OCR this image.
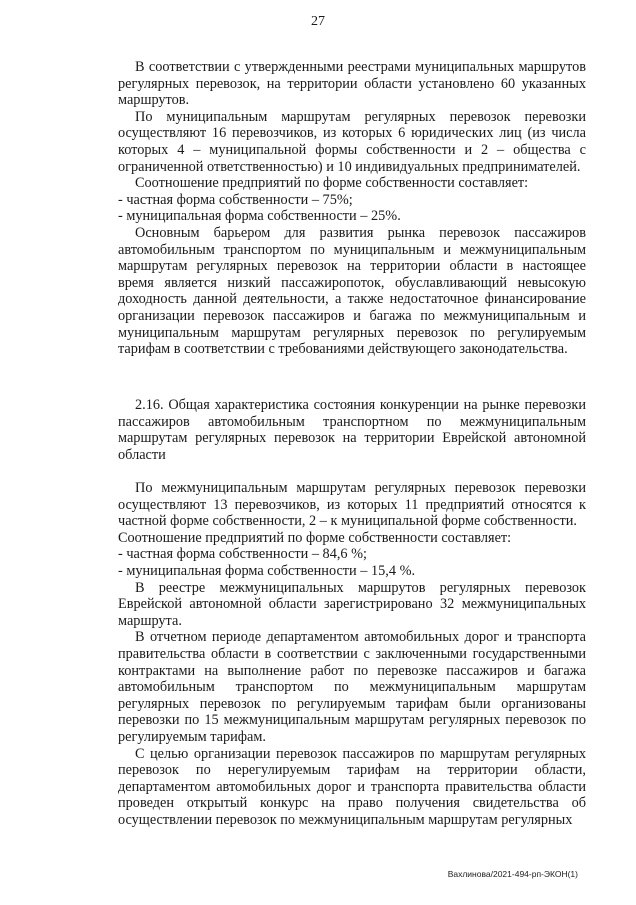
27

В соответствии с утвержденными реестрами муниципальных маршрутов регулярных перевозок, на территории области установлено 60 указанных маршрутов.

По муниципальным маршрутам регулярных перевозок перевозки осуществляют 16 перевозчиков, из которых 6 юридических лиц (из числа которых 4 – муниципальной формы собственности и 2 – общества с ограниченной ответственностью) и 10 индивидуальных предпринимателей.

Соотношение предприятий по форме собственности составляет:

- частная форма собственности – 75%;

- муниципальная форма собственности – 25%.

Основным барьером для развития рынка перевозок пассажиров автомобильным транспортом по муниципальным и межмуниципальным маршрутам регулярных перевозок на территории области в настоящее время является низкий пассажиропоток, обуславливающий невысокую доходность данной деятельности, а также недостаточное финансирование организации перевозок пассажиров и багажа по межмуниципальным и муниципальным маршрутам регулярных перевозок по регулируемым тарифам в соответствии с требованиями действующего законодательства.

2.16. Общая характеристика состояния конкуренции на рынке перевозки пассажиров автомобильным транспортном по межмуниципальным маршрутам регулярных перевозок на территории Еврейской автономной области

По межмуниципальным маршрутам регулярных перевозок перевозки осуществляют 13 перевозчиков, из которых 11 предприятий относятся к частной форме собственности, 2 – к муниципальной форме собственности.

Соотношение предприятий по форме собственности составляет:

- частная форма собственности – 84,6 %;

- муниципальная форма собственности – 15,4 %.

В реестре межмуниципальных маршрутов регулярных перевозок Еврейской автономной области зарегистрировано 32 межмуниципальных маршрута.

В отчетном периоде департаментом автомобильных дорог и транспорта правительства области в соответствии с заключенными государственными контрактами на выполнение работ по перевозке пассажиров и багажа автомобильным транспортом по межмуниципальным маршрутам регулярных перевозок по регулируемым тарифам были организованы перевозки по 15 межмуниципальным маршрутам регулярных перевозок по регулируемым тарифам.

С целью организации перевозок пассажиров по маршрутам регулярных перевозок по нерегулируемым тарифам на территории области, департаментом автомобильных дорог и транспорта правительства области проведен открытый конкурс на право получения свидетельства об осуществлении перевозок по межмуниципальным маршрутам регулярных

Вахлинова/2021-494-рп-ЭКОН(1)
